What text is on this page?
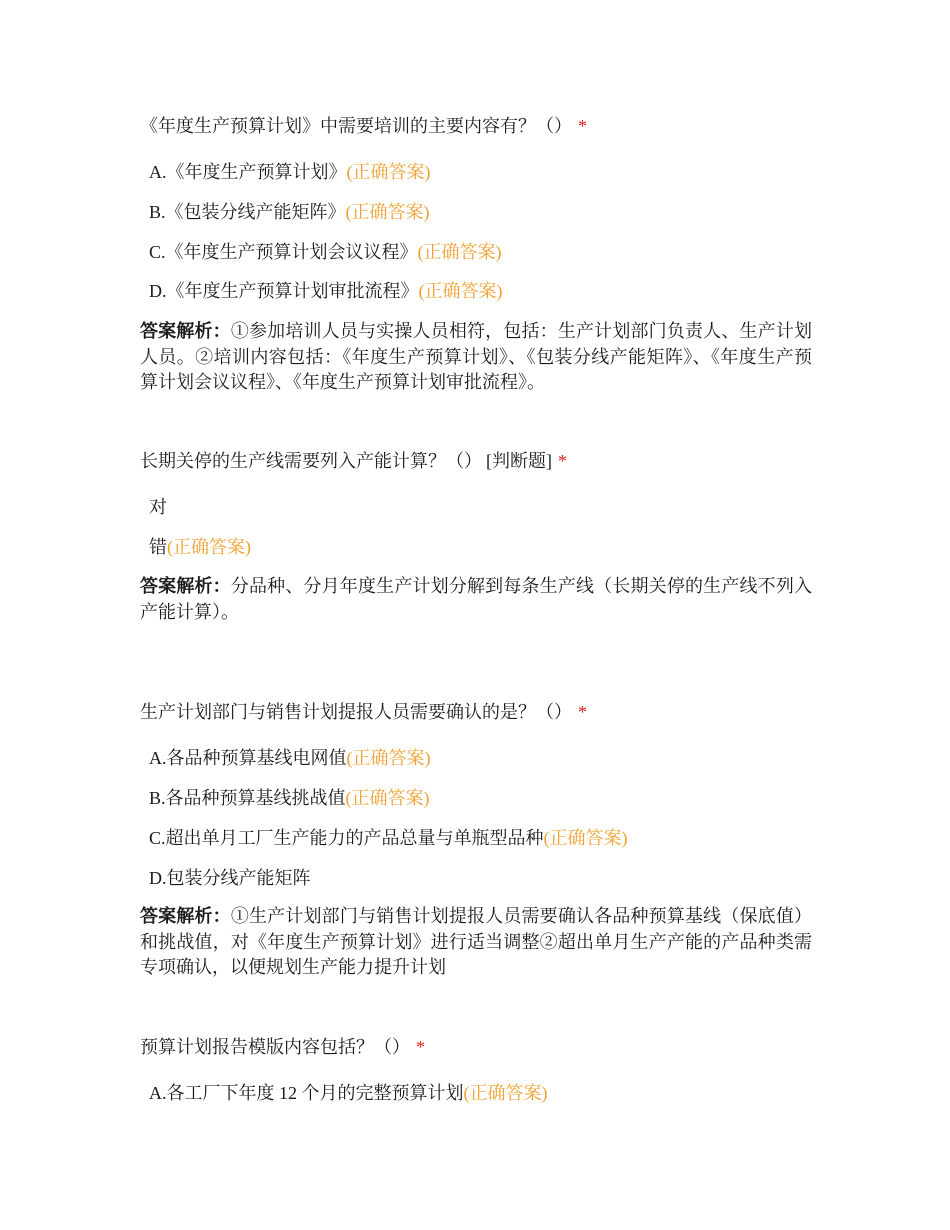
《年度生产预算计划》中需要培训的主要内容有？（） *
A.《年度生产预算计划》(正确答案)
B.《包装分线产能矩阵》(正确答案)
C.《年度生产预算计划会议议程》(正确答案)
D.《年度生产预算计划审批流程》(正确答案)
答案解析：①参加培训人员与实操人员相符，包括：生产计划部门负责人、生产计划人员。②培训内容包括：《年度生产预算计划》、《包装分线产能矩阵》、《年度生产预算计划会议议程》、《年度生产预算计划审批流程》。
长期关停的生产线需要列入产能计算？（） [判断题] *
对
错(正确答案)
答案解析：分品种、分月年度生产计划分解到每条生产线（长期关停的生产线不列入产能计算）。
生产计划部门与销售计划提报人员需要确认的是？（） *
A.各品种预算基线电网值(正确答案)
B.各品种预算基线挑战值(正确答案)
C.超出单月工厂生产能力的产品总量与单瓶型品种(正确答案)
D.包装分线产能矩阵
答案解析：①生产计划部门与销售计划提报人员需要确认各品种预算基线（保底值）和挑战值，对《年度生产预算计划》进行适当调整②超出单月生产产能的产品种类需专项确认，以便规划生产能力提升计划
预算计划报告模版内容包括？（） *
A.各工厂下年度 12 个月的完整预算计划(正确答案)
